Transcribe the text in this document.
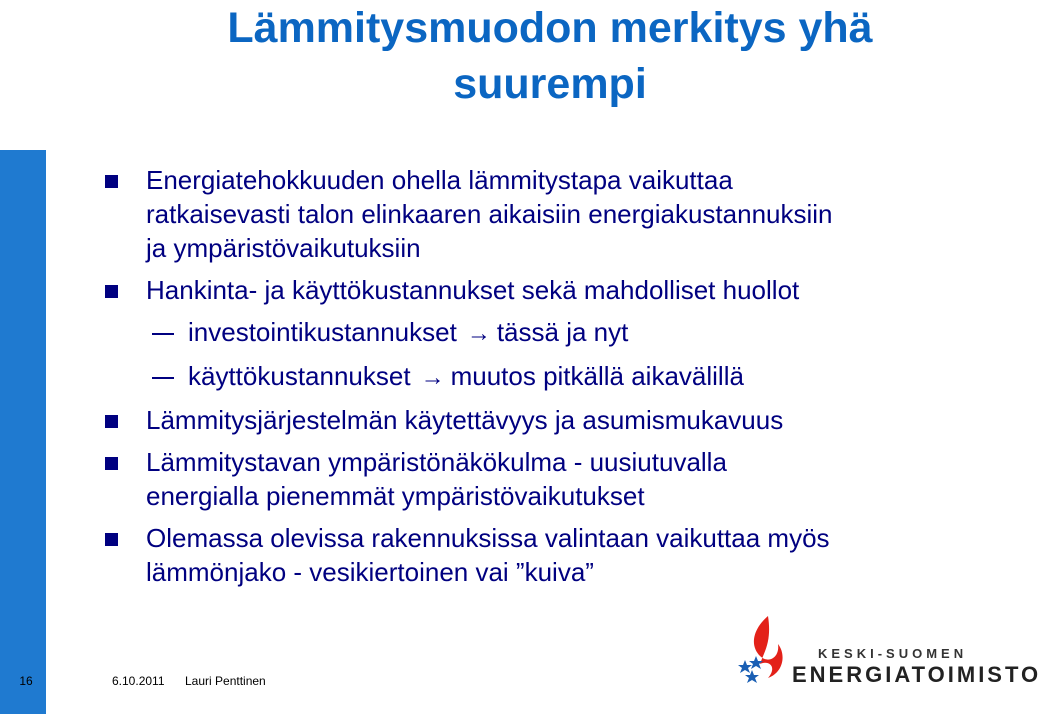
Lämmitysmuodon merkitys yhä
suurempi
Energiatehokkuuden ohella lämmitystapa vaikuttaa
ratkaisevasti talon elinkaaren aikaisiin energiakustannuksiin
ja ympäristövaikutuksiin
Hankinta- ja käyttökustannukset sekä mahdolliset huollot
investointikustannukset → tässä ja nyt
käyttökustannukset → muutos pitkällä aikavälillä
Lämmitysjärjestelmän käytettävyys ja asumismukavuus
Lämmitystavan ympäristönäkökulma - uusiutuvalla
energialla pienemmät ympäristövaikutukset
Olemassa olevissa rakennuksissa valintaan vaikuttaa myös
lämmönjako - vesikiertoinen vai ”kuiva”
16	6.10.2011 Lauri Penttinen
KESKI-SUOMEN
ENERGIATOIMISTO
